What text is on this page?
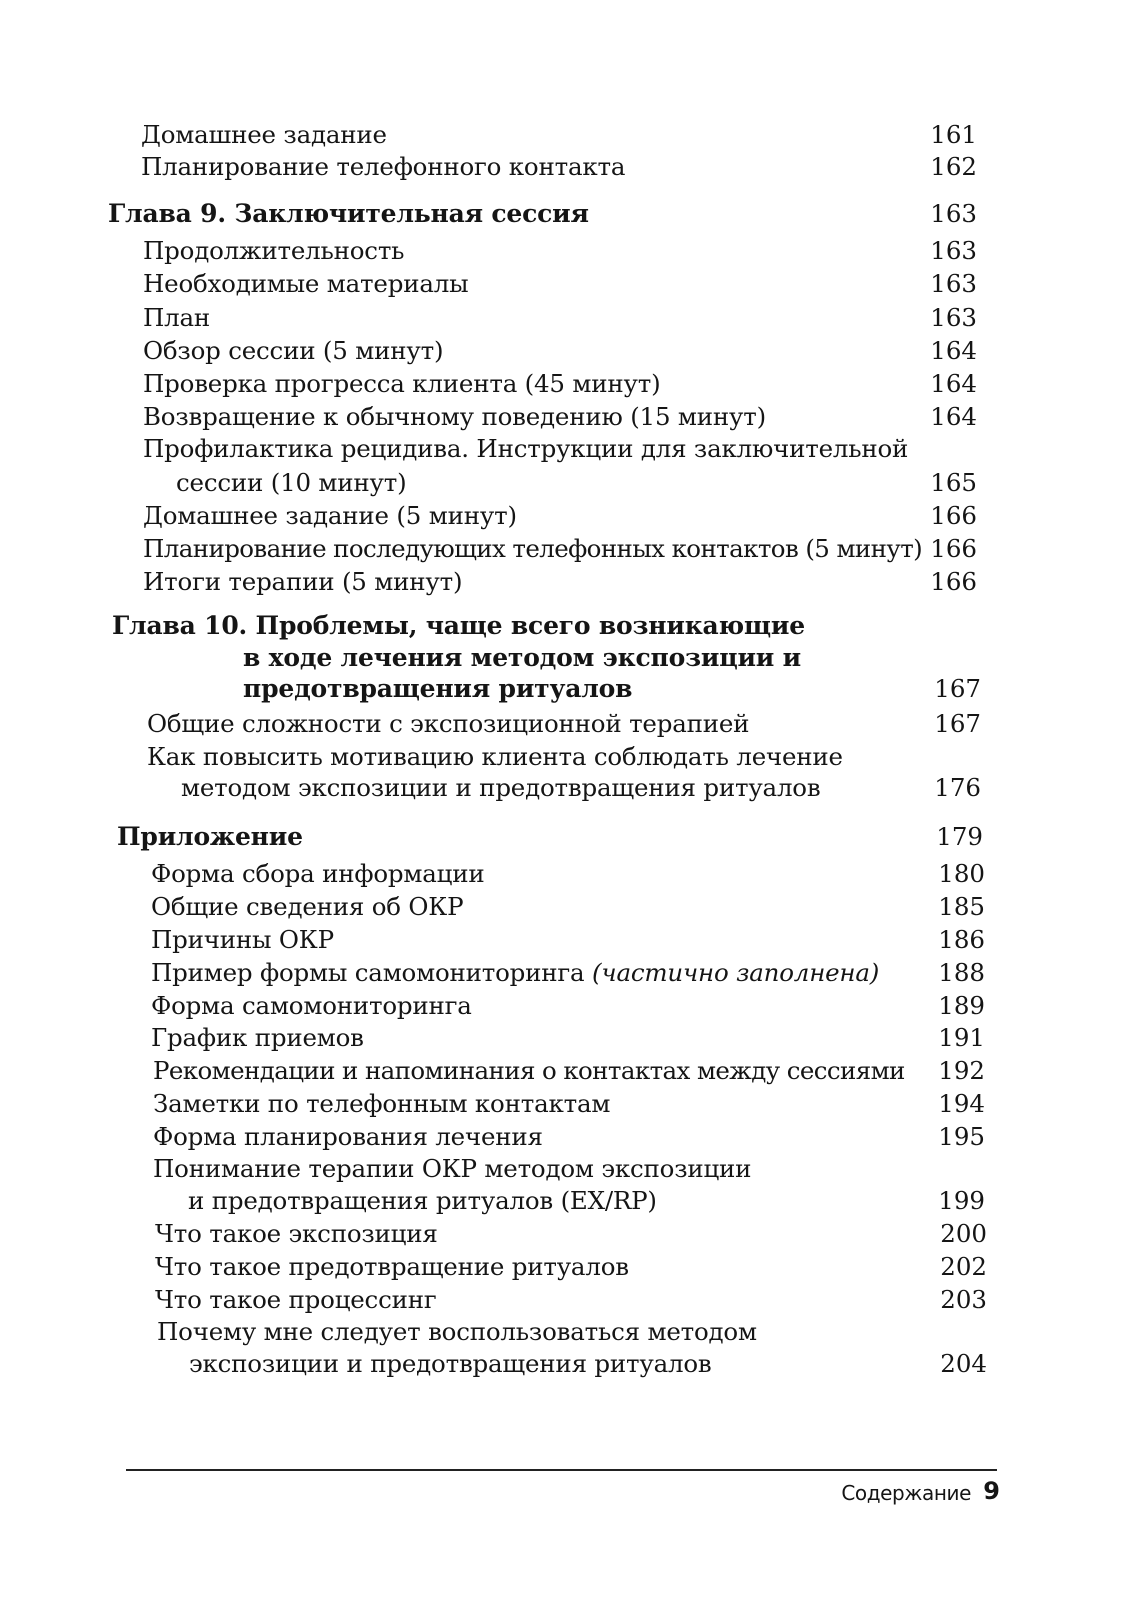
Домашнее задание	161
Планирование телефонного контакта	162
Глава 9. Заключительная сессия	163
Продолжительность	163
Необходимые материалы	163
План	163
Обзор сессии (5 минут)	164
Проверка прогресса клиента (45 минут)	164
Возвращение к обычному поведению (15 минут)	164
Профилактика рецидива. Инструкции для заключительной
сессии (10 минут)	165
Домашнее задание (5 минут)	166
Планирование последующих телефонных контактов (5 минут) 166
Итоги терапии (5 минут)	166
Глава 10. Проблемы, чаще всего возникающие
в ходе лечения методом экспозиции и
предотвращения ритуалов	167
Общие сложности с экспозиционной терапией	167
Как повысить мотивацию клиента соблюдать лечение
методом экспозиции и предотвращения ритуалов	176
Приложение	179
Форма сбора информации	180
Общие сведения об ОКР	185
Причины ОКР	186
Пример формы самомониторинга (частично заполнена) 188
Форма самомониторинга	189
График приемов	191
Рекомендации и напоминания о контактах между сессиями 192
Заметки по телефонным контактам	194
Форма планирования лечения	195
Понимание терапии ОКР методом экспозиции
и предотвращения ритуалов (EX/RP)	199
Что такое экспозиция	200
Что такое предотвращение ритуалов	202
Что такое процессинг	203
Почему мне следует воспользоваться методом
экспозиции и предотвращения ритуалов	204
Содержание 9
